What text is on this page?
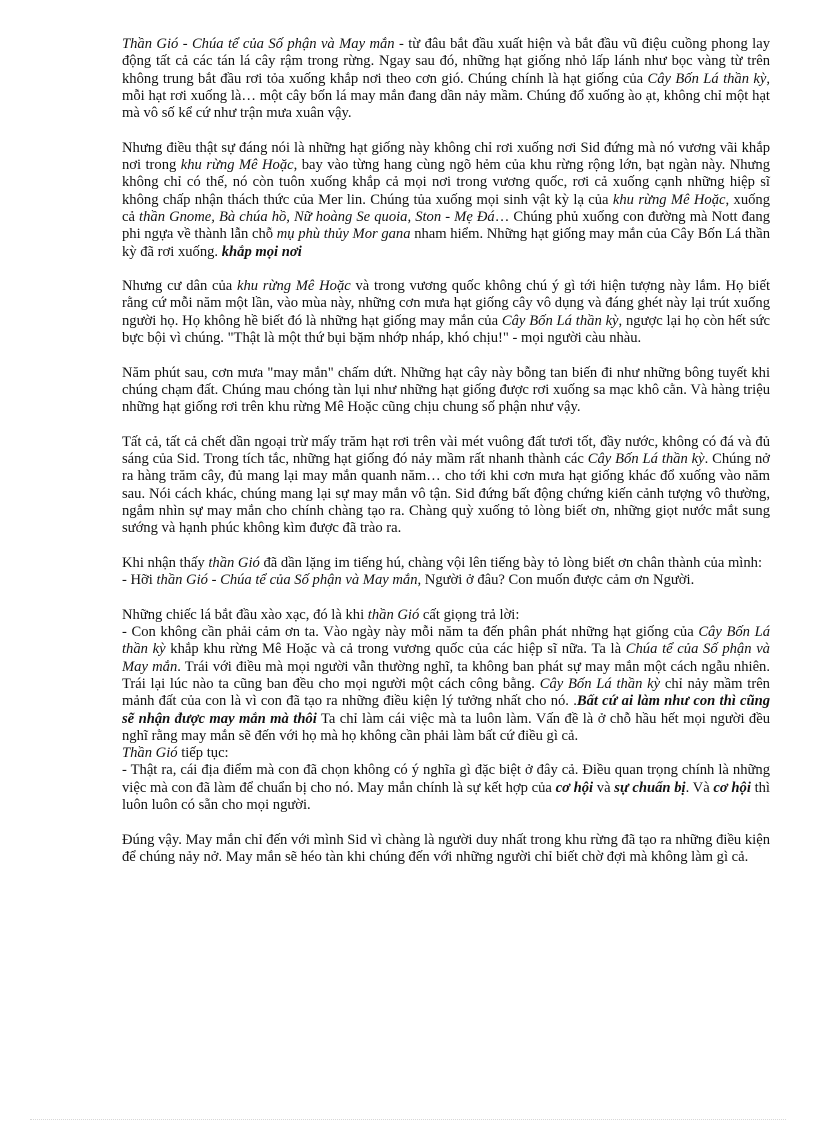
Thần Gió - Chúa tể của Số phận và May mắn - từ đâu bắt đầu xuất hiện và bắt đầu vũ điệu cuồng phong lay động tất cả các tán lá cây rậm trong rừng. Ngay sau đó, những hạt giống nhỏ lấp lánh như bọc vàng từ trên không trung bắt đầu rơi tỏa xuống khắp nơi theo cơn gió. Chúng chính là hạt giống của Cây Bốn Lá thần kỳ, mỗi hạt rơi xuống là… một cây bốn lá may mắn đang dần nảy mầm. Chúng đổ xuống ào ạt, không chỉ một hạt mà vô số kể cứ như trận mưa xuân vậy.
Nhưng điều thật sự đáng nói là những hạt giống này không chỉ rơi xuống nơi Sid đứng mà nó vương vãi khắp nơi trong khu rừng Mê Hoặc, bay vào từng hang cùng ngõ hẻm của khu rừng rộng lớn, bạt ngàn này. Nhưng không chỉ có thế, nó còn tuôn xuống khắp cả mọi nơi trong vương quốc, rơi cả xuống cạnh những hiệp sĩ không chấp nhận thách thức của Mer lin. Chúng tủa xuống mọi sinh vật kỳ lạ của khu rừng Mê Hoặc, xuống cả thần Gnome, Bà chúa hồ, Nữ hoàng Se quoia, Ston - Mẹ Đá… Chúng phủ xuống con đường mà Nott đang phi ngựa về thành lẫn chỗ mụ phù thủy Mor gana nham hiểm. Những hạt giống may mắn của Cây Bốn Lá thần kỳ đã rơi xuống. khắp mọi nơi
Nhưng cư dân của khu rừng Mê Hoặc và trong vương quốc không chú ý gì tới hiện tượng này lắm. Họ biết rằng cứ mỗi năm một lần, vào mùa này, những cơn mưa hạt giống cây vô dụng và đáng ghét này lại trút xuống người họ. Họ không hề biết đó là những hạt giống may mắn của Cây Bốn Lá thần kỳ, ngược lại họ còn hết sức bực bội vì chúng. "Thật là một thứ bụi bặm nhớp nháp, khó chịu!" - mọi người càu nhàu.
Năm phút sau, cơn mưa "may mắn" chấm dứt. Những hạt cây này bỗng tan biến đi như những bông tuyết khi chúng chạm đất. Chúng mau chóng tàn lụi như những hạt giống được rơi xuống sa mạc khô cằn. Và hàng triệu những hạt giống rơi trên khu rừng Mê Hoặc cũng chịu chung số phận như vậy.
Tất cả, tất cả chết dần ngoại trừ mấy trăm hạt rơi trên vài mét vuông đất tươi tốt, đầy nước, không có đá và đủ sáng của Sid. Trong tích tắc, những hạt giống đó nảy mầm rất nhanh thành các Cây Bốn Lá thần kỳ. Chúng nở ra hàng trăm cây, đủ mang lại may mắn quanh năm… cho tới khi cơn mưa hạt giống khác đổ xuống vào năm sau. Nói cách khác, chúng mang lại sự may mắn vô tận. Sid đứng bất động chứng kiến cảnh tượng vô thường, ngắm nhìn sự may mắn cho chính chàng tạo ra. Chàng quỳ xuống tỏ lòng biết ơn, những giọt nước mắt sung sướng và hạnh phúc không kìm được đã trào ra.
Khi nhận thấy thần Gió đã dần lặng im tiếng hú, chàng vội lên tiếng bày tỏ lòng biết ơn chân thành của mình:
- Hỡi thần Gió - Chúa tể của Số phận và May mắn, Người ở đâu? Con muốn được cảm ơn Người.
Những chiếc lá bắt đầu xào xạc, đó là khi thần Gió cất giọng trả lời:
- Con không cần phải cảm ơn ta. Vào ngày này mỗi năm ta đến phân phát những hạt giống của Cây Bốn Lá thần kỳ khắp khu rừng Mê Hoặc và cả trong vương quốc của các hiệp sĩ nữa. Ta là Chúa tể của Số phận và May mắn. Trái với điều mà mọi người vẫn thường nghĩ, ta không ban phát sự may mắn một cách ngẫu nhiên. Trái lại lúc nào ta cũng ban đều cho mọi người một cách công bằng. Cây Bốn Lá thần kỳ chỉ nảy mầm trên mảnh đất của con là vì con đã tạo ra những điều kiện lý tưởng nhất cho nó. .Bất cứ ai làm như con thì cũng sẽ nhận được may mắn mà thôi Ta chỉ làm cái việc mà ta luôn làm. Vấn đề là ở chỗ hầu hết mọi người đều nghĩ rằng may mắn sẽ đến với họ mà họ không cần phải làm bất cứ điều gì cả.
Thần Gió tiếp tục:
- Thật ra, cái địa điểm mà con đã chọn không có ý nghĩa gì đặc biệt ở đây cả. Điều quan trọng chính là những việc mà con đã làm để chuẩn bị cho nó. May mắn chính là sự kết hợp của cơ hội và sự chuẩn bị. Và cơ hội thì luôn luôn có sẵn cho mọi người.
Đúng vậy. May mắn chỉ đến với mình Sid vì chàng là người duy nhất trong khu rừng đã tạo ra những điều kiện để chúng nảy nở. May mắn sẽ héo tàn khi chúng đến với những người chỉ biết chờ đợi mà không làm gì cả.
